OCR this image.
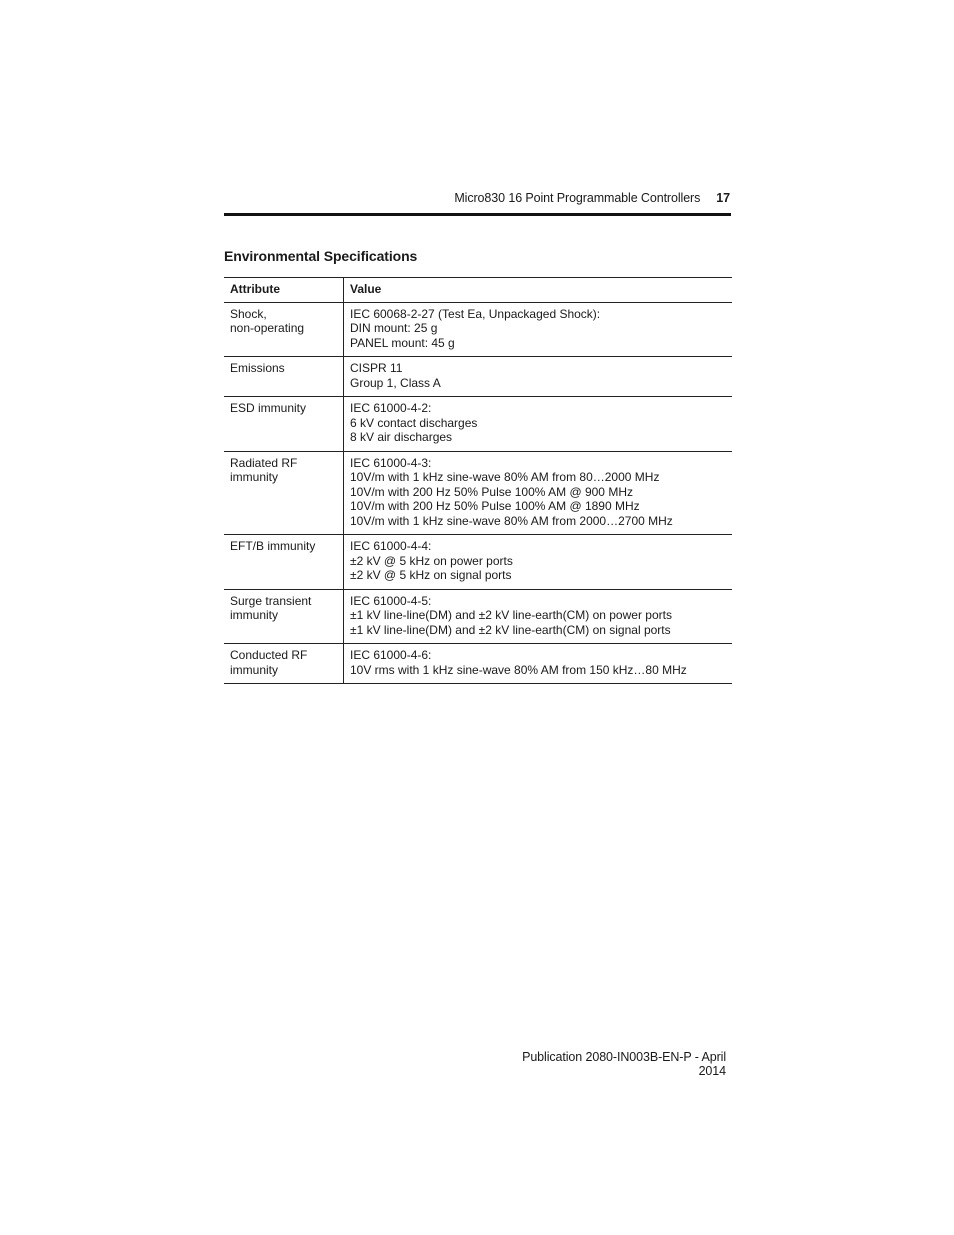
Micro830 16 Point Programmable Controllers 17
Environmental Specifications
Attribute	Value

Shock,
non-operating	IEC 60068-2-27 (Test Ea, Unpackaged Shock):
DIN mount: 25 g
PANEL mount: 45 g

Emissions	CISPR 11
Group 1, Class A

ESD immunity	IEC 61000-4-2:
6 kV contact discharges
8 kV air discharges

Radiated RF
immunity	IEC 61000-4-3:
10V/m with 1 kHz sine-wave 80% AM from 80…2000 MHz
10V/m with 200 Hz 50% Pulse 100% AM @ 900 MHz
10V/m with 200 Hz 50% Pulse 100% AM @ 1890 MHz
10V/m with 1 kHz sine-wave 80% AM from 2000…2700 MHz

EFT/B immunity	IEC 61000-4-4:
±2 kV @ 5 kHz on power ports
±2 kV @ 5 kHz on signal ports

Surge transient
immunity	IEC 61000-4-5:
±1 kV line-line(DM) and ±2 kV line-earth(CM) on power ports
±1 kV line-line(DM) and ±2 kV line-earth(CM) on signal ports

Conducted RF
immunity	IEC 61000-4-6:
10V rms with 1 kHz sine-wave 80% AM from 150 kHz…80 MHz
Publication 2080-IN003B-EN-P - April 2014
